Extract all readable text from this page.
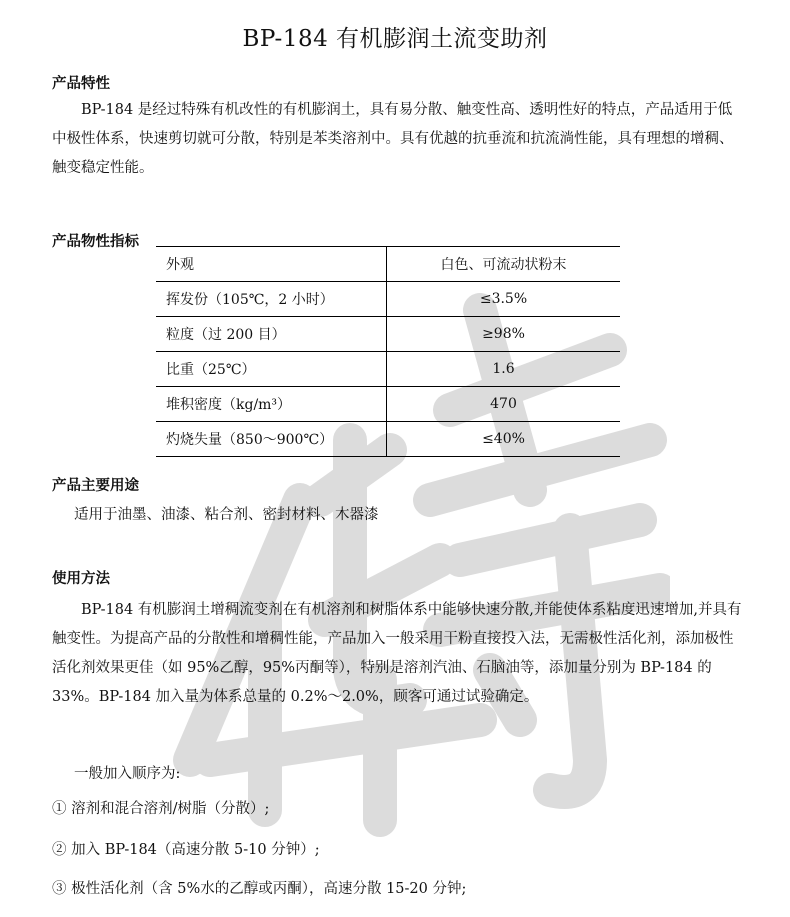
BP-184 有机膨润土流变助剂
产品特性
BP-184 是经过特殊有机改性的有机膨润土，具有易分散、触变性高、透明性好的特点，产品适用于低中极性体系，快速剪切就可分散，特别是苯类溶剂中。具有优越的抗垂流和抗流淌性能，具有理想的增稠、触变稳定性能。
产品物性指标
外观	白色、可流动状粉末
挥发份（105℃，2 小时）	≤3.5%
粒度（过 200 目）	≥98%
比重（25℃）	1.6
堆积密度（kg/m³）	470
灼烧失量（850～900℃）	≤40%
产品主要用途
适用于油墨、油漆、粘合剂、密封材料、木器漆
使用方法
BP-184 有机膨润土增稠流变剂在有机溶剂和树脂体系中能够快速分散,并能使体系粘度迅速增加,并具有触变性。为提高产品的分散性和增稠性能，产品加入一般采用干粉直接投入法，无需极性活化剂，添加极性活化剂效果更佳（如 95%乙醇，95%丙酮等），特别是溶剂汽油、石脑油等，添加量分别为 BP-184 的 33%。BP-184 加入量为体系总量的 0.2%～2.0%，顾客可通过试验确定。
一般加入顺序为:
① 溶剂和混合溶剂/树脂（分散）;
② 加入 BP-184（高速分散 5-10 分钟）;
③ 极性活化剂（含 5%水的乙醇或丙酮），高速分散 15-20 分钟;
